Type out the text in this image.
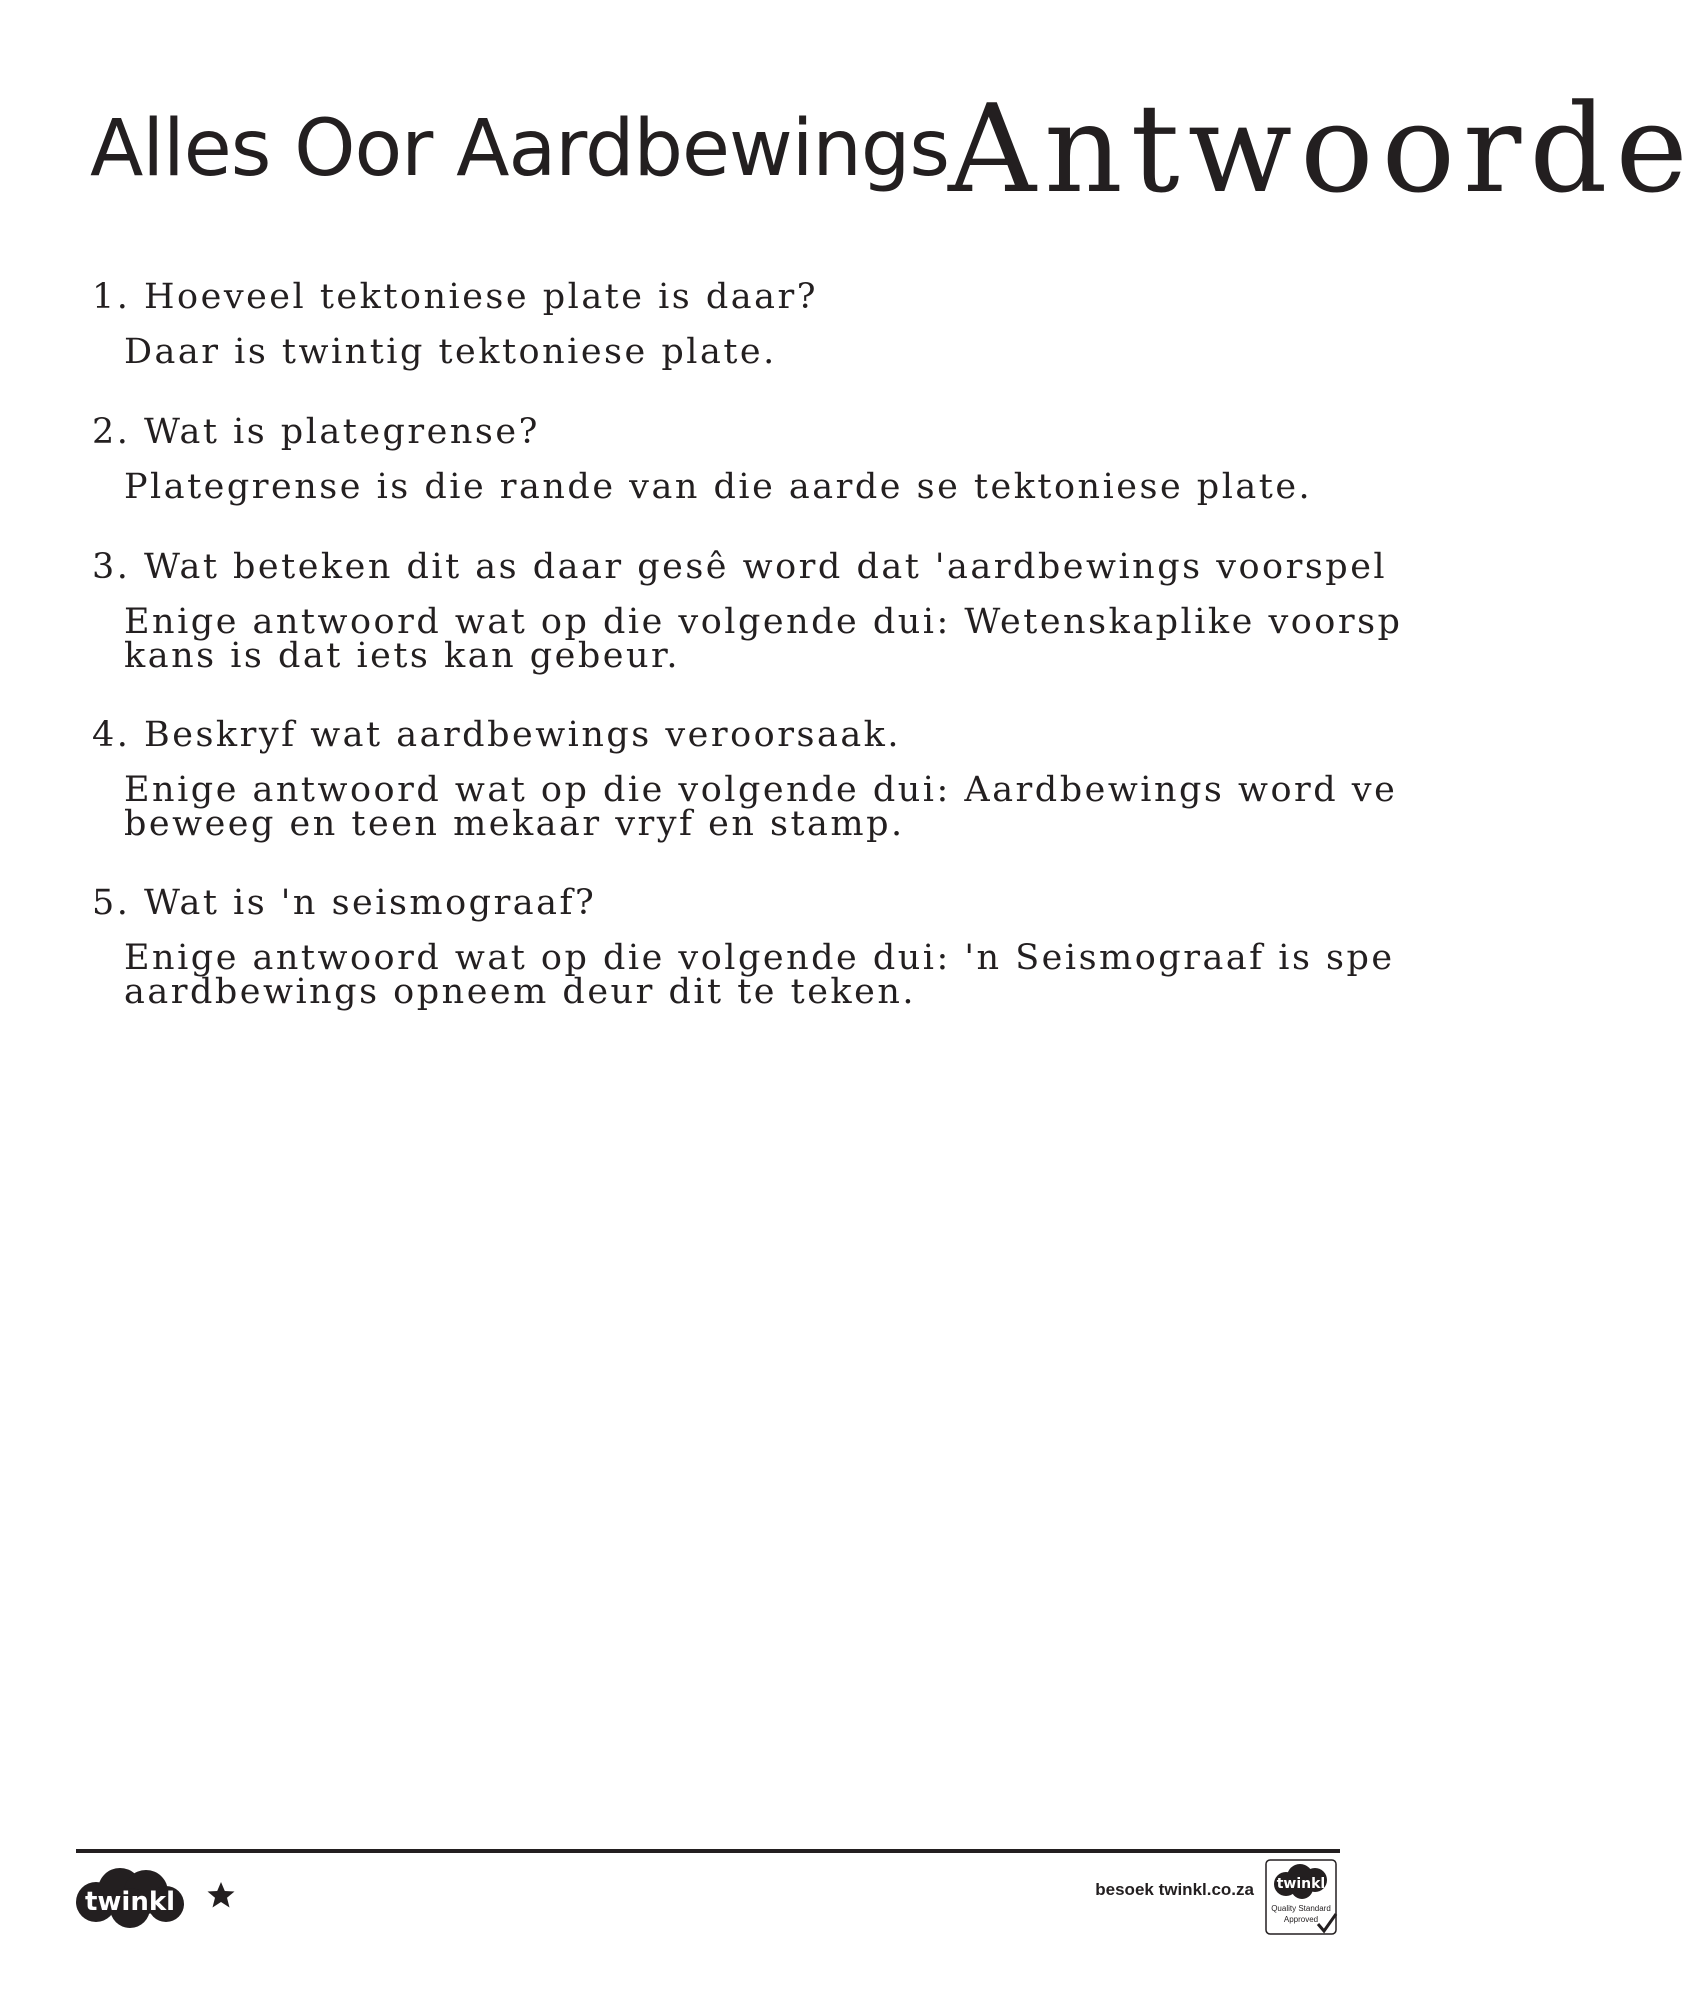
Alles Oor Aardbewings
Antwoorde

1. Hoeveel tektoniese plate is daar?

Daar is twintig tektoniese plate.

2. Wat is plategrense?

Plategrense is die rande van die aarde se tektoniese plate.

3. Wat beteken dit as daar gesê word dat 'aardbewings voorspel

Enige antwoord wat op die volgende dui: Wetenskaplike voorsp
kans is dat iets kan gebeur.

4. Beskryf wat aardbewings veroorsaak.

Enige antwoord wat op die volgende dui: Aardbewings word ve
beweeg en teen mekaar vryf en stamp.

5. Wat is 'n seismograaf?

Enige antwoord wat op die volgende dui: 'n Seismograaf is spe
aardbewings opneem deur dit te teken.

twinkl	besoek twinkl.co.za twinkl
Quality Standard
Approved
